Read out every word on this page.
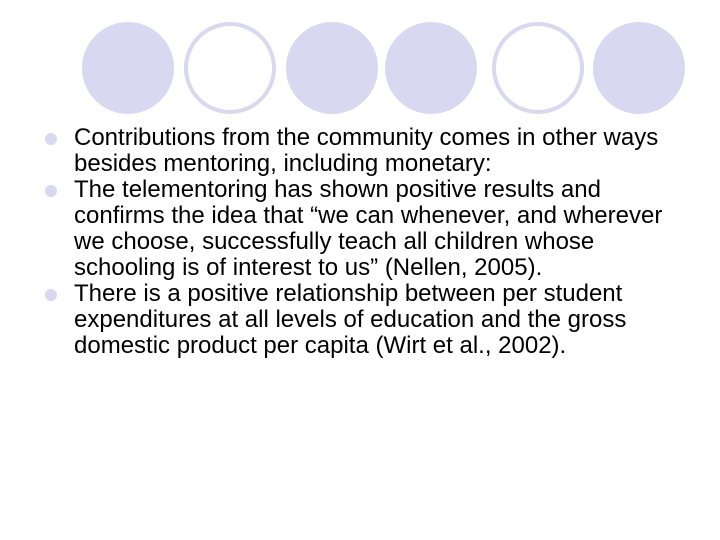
Contributions from the community comes in other ways besides mentoring, including monetary:
The telementoring has shown positive results and confirms the idea that “we can whenever, and wherever we choose, successfully teach all children whose schooling is of interest to us” (Nellen, 2005).
There is a positive relationship between per student expenditures at all levels of education and the gross domestic product per capita (Wirt et al., 2002).
